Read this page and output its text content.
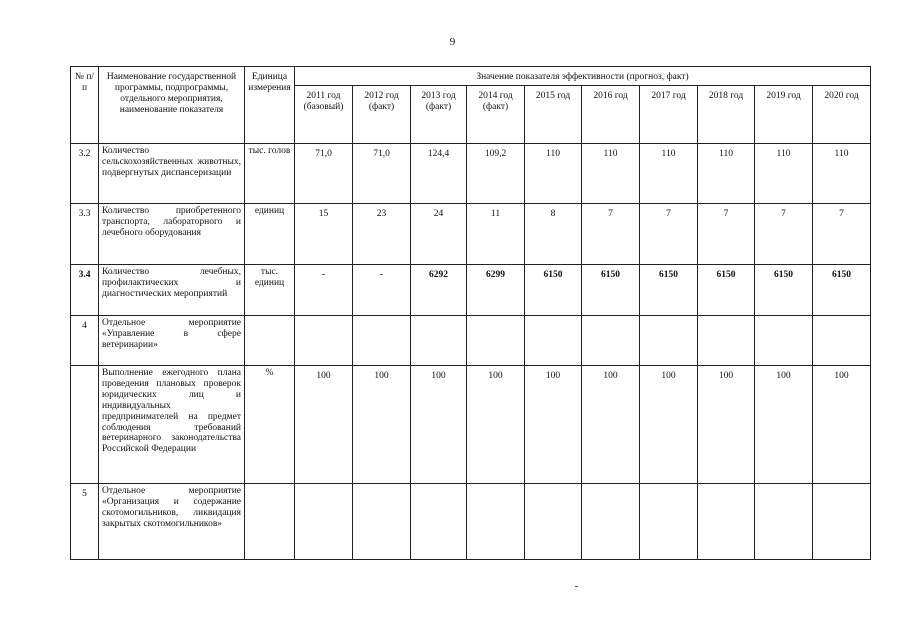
9
№ п/п	Наименование государственной программы, подпрограммы, отдельного мероприятия, наименование показателя	Единица измерения	Значение показателя эффективности (прогноз, факт)									
			2011 год (базовый)	2012 год (факт)	2013 год (факт)	2014 год (факт)	2015 год	2016 год	2017 год	2018 год	2019 год	2020 год
3.2	Количество сельскохозяйственных животных, подвергнутых диспансеризации	тыс. голов	71,0	71,0	124,4	109,2	110	110	110	110	110	110
3.3	Количество приобретенного транспорта, лабораторного и лечебного оборудования	единиц	15	23	24	11	8	7	7	7	7	7
3.4	Количество лечебных, профилактических и диагностических мероприятий	тыс. единиц	-	-	6292	6299	6150	6150	6150	6150	6150	6150
4	Отдельное мероприятие «Управление в сфере ветеринарии»											
	Выполнение ежегодного плана проведения плановых проверок юридических лиц и индивидуальных предпринимателей на предмет соблюдения требований ветеринарного законодательства Российской Федерации	%	100	100	100	100	100	100	100	100	100	100
5	Отдельное мероприятие «Организация и содержание скотомогильников, ликвидация закрытых скотомогильников»											
